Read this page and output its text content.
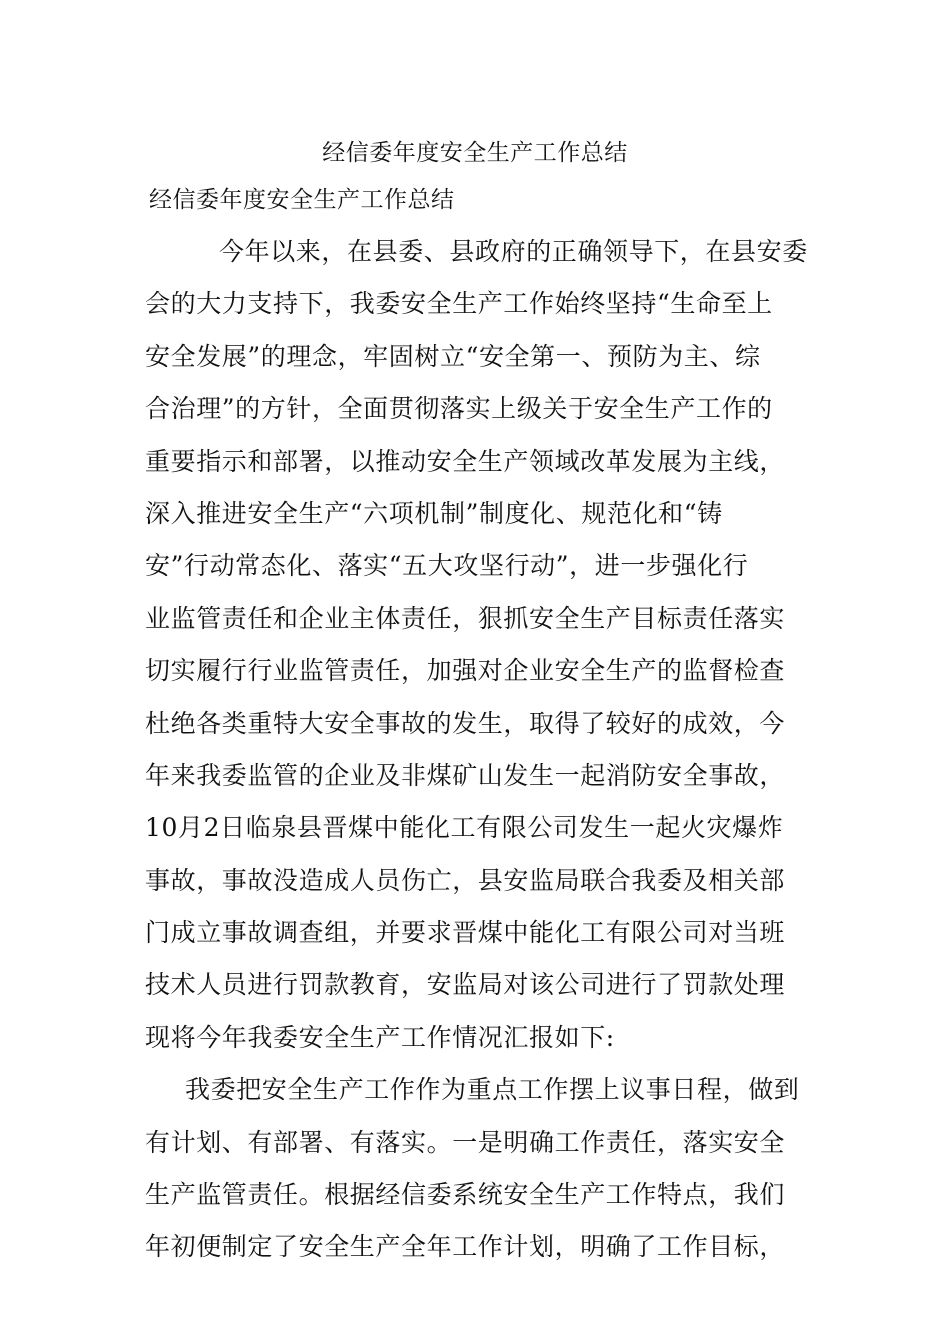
经信委年度安全生产工作总结
经信委年度安全生产工作总结
今年以来，在县委、县政府的正确领导下，在县安委
会的大力支持下，我委安全生产工作始终坚持“生命至上
安全发展”的理念，牢固树立“安全第一、预防为主、综
合治理”的方针，全面贯彻落实上级关于安全生产工作的
重要指示和部署，以推动安全生产领域改革发展为主线，
深入推进安全生产“六项机制”制度化、规范化和“铸
安”行动常态化、落实“五大攻坚行动”，进一步强化行
业监管责任和企业主体责任，狠抓安全生产目标责任落实
切实履行行业监管责任，加强对企业安全生产的监督检查
杜绝各类重特大安全事故的发生，取得了较好的成效，今
年来我委监管的企业及非煤矿山发生一起消防安全事故，
10月2日临泉县晋煤中能化工有限公司发生一起火灾爆炸
事故，事故没造成人员伤亡，县安监局联合我委及相关部
门成立事故调查组，并要求晋煤中能化工有限公司对当班
技术人员进行罚款教育，安监局对该公司进行了罚款处理
现将今年我委安全生产工作情况汇报如下:
我委把安全生产工作作为重点工作摆上议事日程，做到
有计划、有部署、有落实。一是明确工作责任，落实安全
生产监管责任。根据经信委系统安全生产工作特点，我们
年初便制定了安全生产全年工作计划，明确了工作目标，
